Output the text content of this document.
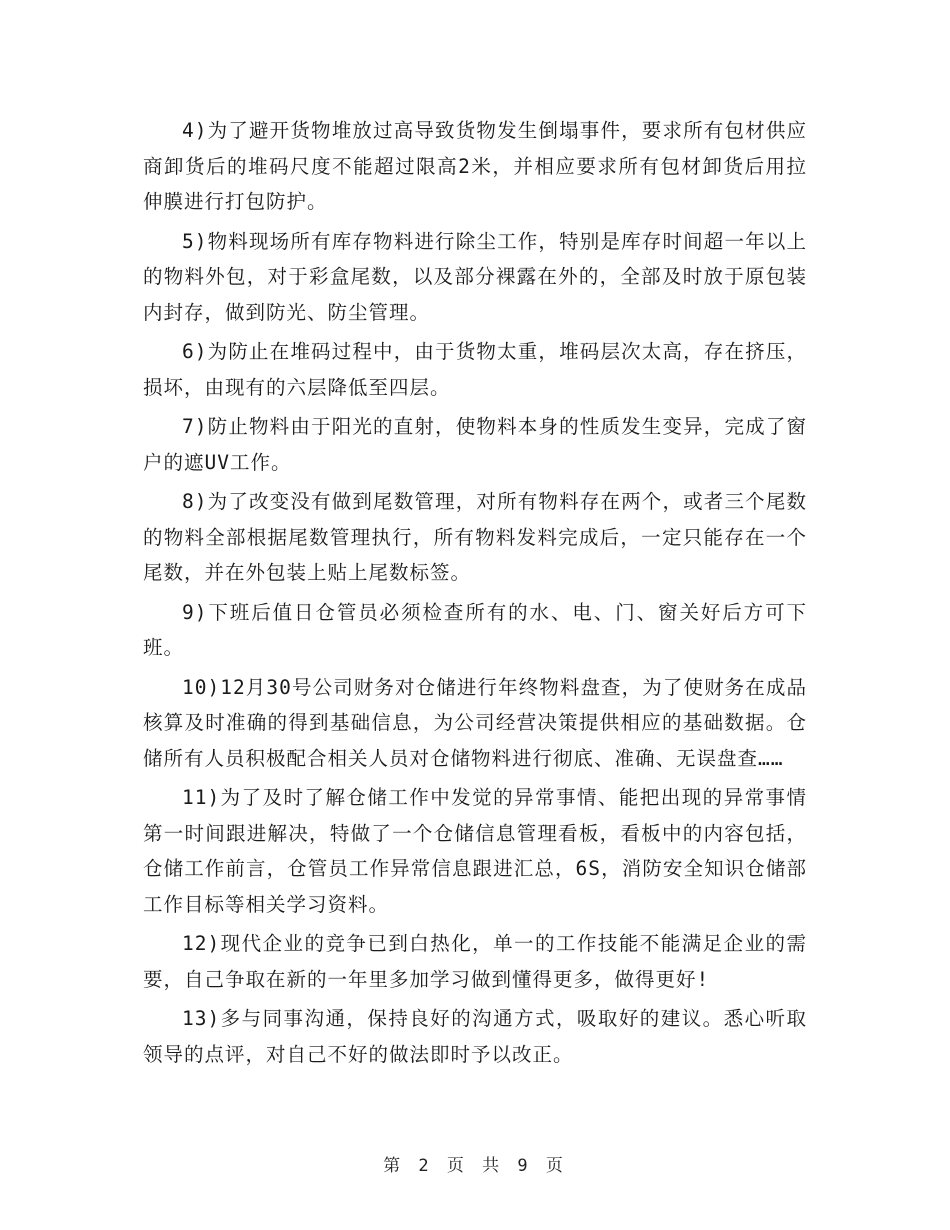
4)为了避开货物堆放过高导致货物发生倒塌事件，要求所有包材供应商卸货后的堆码尺度不能超过限高2米，并相应要求所有包材卸货后用拉伸膜进行打包防护。

5)物料现场所有库存物料进行除尘工作，特别是库存时间超一年以上的物料外包，对于彩盒尾数，以及部分裸露在外的，全部及时放于原包装内封存，做到防光、防尘管理。

6)为防止在堆码过程中，由于货物太重，堆码层次太高，存在挤压，损坏，由现有的六层降低至四层。

7)防止物料由于阳光的直射，使物料本身的性质发生变异，完成了窗户的遮UV工作。

8)为了改变没有做到尾数管理，对所有物料存在两个，或者三个尾数的物料全部根据尾数管理执行，所有物料发料完成后，一定只能存在一个尾数，并在外包装上贴上尾数标签。

9)下班后值日仓管员必须检查所有的水、电、门、窗关好后方可下班。

10)12月30号公司财务对仓储进行年终物料盘查，为了使财务在成品核算及时准确的得到基础信息，为公司经营决策提供相应的基础数据。仓储所有人员积极配合相关人员对仓储物料进行彻底、准确、无误盘查……

11)为了及时了解仓储工作中发觉的异常事情、能把出现的异常事情第一时间跟进解决，特做了一个仓储信息管理看板，看板中的内容包括，仓储工作前言，仓管员工作异常信息跟进汇总，6S，消防安全知识仓储部工作目标等相关学习资料。

12)现代企业的竞争已到白热化，单一的工作技能不能满足企业的需要，自己争取在新的一年里多加学习做到懂得更多，做得更好!

13)多与同事沟通，保持良好的沟通方式，吸取好的建议。悉心听取领导的点评，对自己不好的做法即时予以改正。

第 2 页 共 9 页
